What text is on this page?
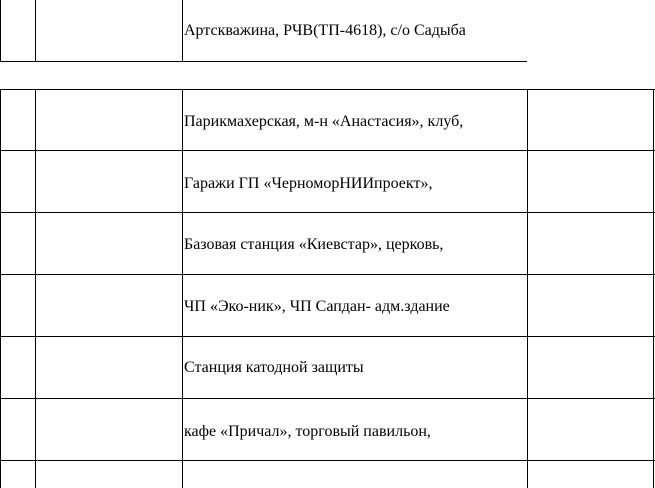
Артскважина, РЧВ(ТП-4618), с/о Садыба
Парикмахерская, м-н «Анастасия», клуб,
Гаражи ГП «ЧерноморНИИпроект»,
Базовая станция «Киевстар», церковь,
ЧП «Эко-ник», ЧП Сапдан- адм.здание
Станция катодной защиты
кафе «Причал», торговый павильон,
